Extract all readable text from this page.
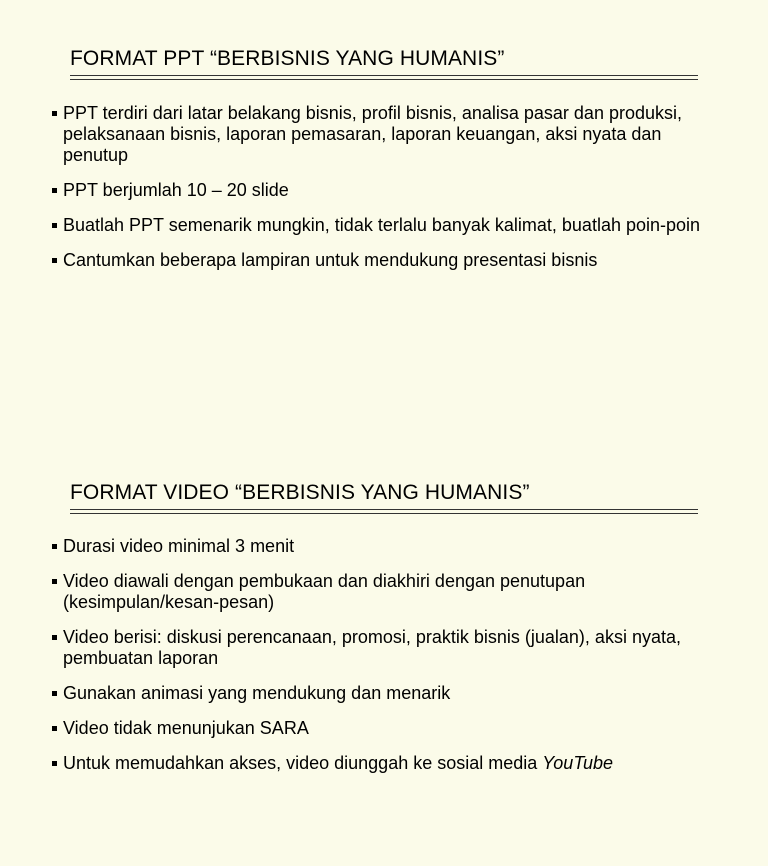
FORMAT PPT “BERBISNIS YANG HUMANIS”
PPT terdiri dari latar belakang bisnis, profil bisnis, analisa pasar dan produksi, pelaksanaan bisnis, laporan pemasaran, laporan keuangan, aksi nyata dan penutup
PPT berjumlah 10 – 20 slide
Buatlah PPT semenarik mungkin, tidak terlalu banyak kalimat, buatlah poin-poin
Cantumkan beberapa lampiran untuk mendukung presentasi bisnis
FORMAT VIDEO “BERBISNIS YANG HUMANIS”
Durasi video minimal 3 menit
Video diawali dengan pembukaan dan diakhiri dengan penutupan (kesimpulan/kesan-pesan)
Video berisi: diskusi perencanaan, promosi, praktik bisnis (jualan), aksi nyata, pembuatan laporan
Gunakan animasi yang mendukung dan menarik
Video tidak menunjukan SARA
Untuk memudahkan akses, video diunggah ke sosial media YouTube
